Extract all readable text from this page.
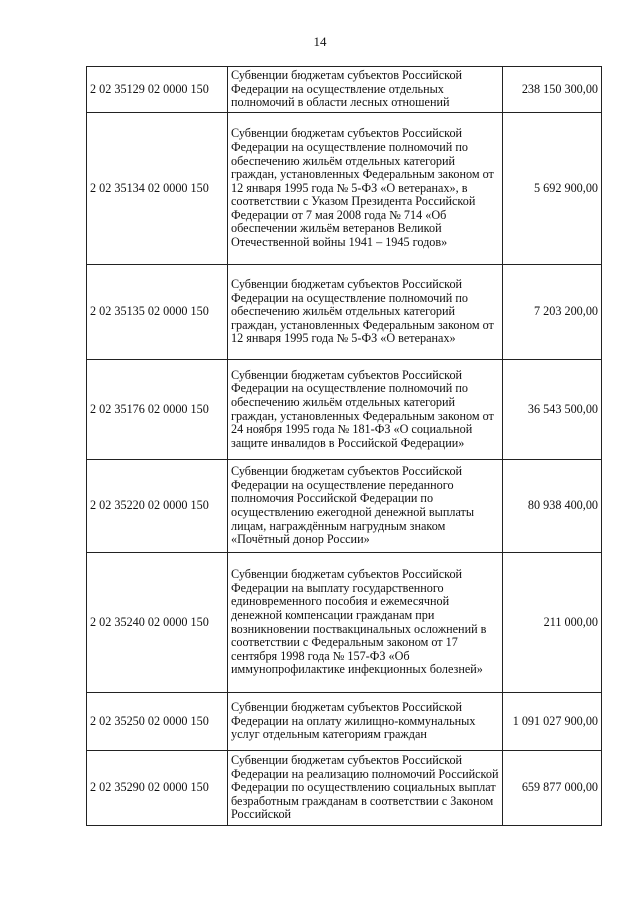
14
2 02 35129 02 0000 150	Субвенции бюджетам субъектов Российской Федерации на осуществление отдельных полномочий в области лесных отношений	238 150 300,00
2 02 35134 02 0000 150	Субвенции бюджетам субъектов Российской Федерации на осуществление полномочий по обеспечению жильём отдельных категорий граждан, установленных Федеральным законом от 12 января 1995 года № 5-ФЗ «О ветеранах», в соответствии с Указом Президента Российской Федерации от 7 мая 2008 года № 714 «Об обеспечении жильём ветеранов Великой Отечественной войны 1941 – 1945 годов»	5 692 900,00
2 02 35135 02 0000 150	Субвенции бюджетам субъектов Российской Федерации на осуществление полномочий по обеспечению жильём отдельных категорий граждан, установленных Федеральным законом от 12 января 1995 года № 5-ФЗ «О ветеранах»	7 203 200,00
2 02 35176 02 0000 150	Субвенции бюджетам субъектов Российской Федерации на осуществление полномочий по обеспечению жильём отдельных категорий граждан, установленных Федеральным законом от 24 ноября 1995 года № 181-ФЗ «О социальной защите инвалидов в Российской Федерации»	36 543 500,00
2 02 35220 02 0000 150	Субвенции бюджетам субъектов Российской Федерации на осуществление переданного полномочия Российской Федерации по осуществлению ежегодной денежной выплаты лицам, награждённым нагрудным знаком «Почётный донор России»	80 938 400,00
2 02 35240 02 0000 150	Субвенции бюджетам субъектов Российской Федерации на выплату государственного единовременного пособия и ежемесячной денежной компенсации гражданам при возникновении поствакцинальных осложнений в соответствии с Федеральным законом от 17 сентября 1998 года № 157-ФЗ «Об иммунопрофилактике инфекционных болезней»	211 000,00
2 02 35250 02 0000 150	Субвенции бюджетам субъектов Российской Федерации на оплату жилищно-коммунальных услуг отдельным категориям граждан	1 091 027 900,00
2 02 35290 02 0000 150	Субвенции бюджетам субъектов Российской Федерации на реализацию полномочий Российской Федерации по осуществлению социальных выплат безработным гражданам в соответствии с Законом Российской	659 877 000,00
